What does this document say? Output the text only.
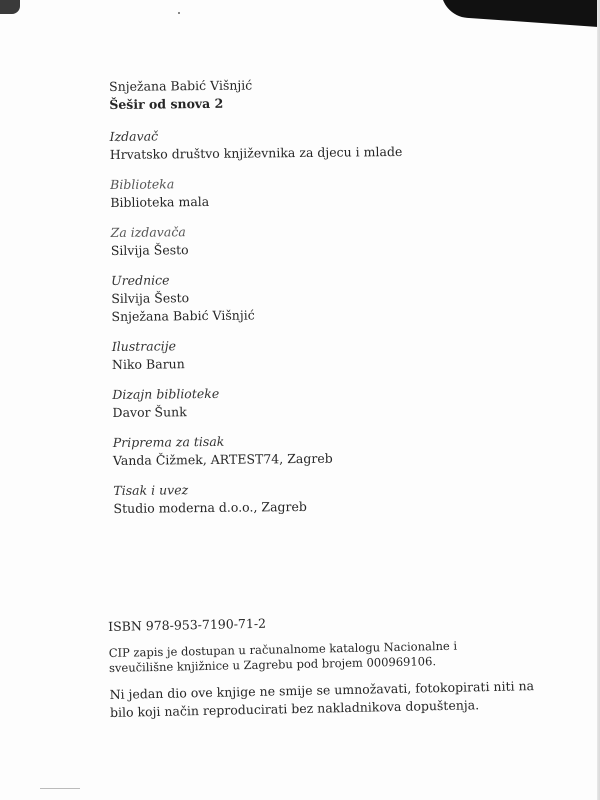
Snježana Babić Višnjić
Šešir od snova 2
Izdavač
Hrvatsko društvo književnika za djecu i mlade
Biblioteka
Biblioteka mala
Za izdavača
Silvija Šesto
Urednice
Silvija Šesto
Snježana Babić Višnjić
Ilustracije
Niko Barun
Dizajn biblioteke
Davor Šunk
Priprema za tisak
Vanda Čižmek, ARTEST74, Zagreb
Tisak i uvez
Studio moderna d.o.o., Zagreb
ISBN 978-953-7190-71-2
CIP zapis je dostupan u računalnome katalogu Nacionalne i sveučilišne knjižnice u Zagrebu pod brojem 000969106.
Ni jedan dio ove knjige ne smije se umnožavati, fotokopirati niti na bilo koji način reproducirati bez nakladnikova dopuštenja.
